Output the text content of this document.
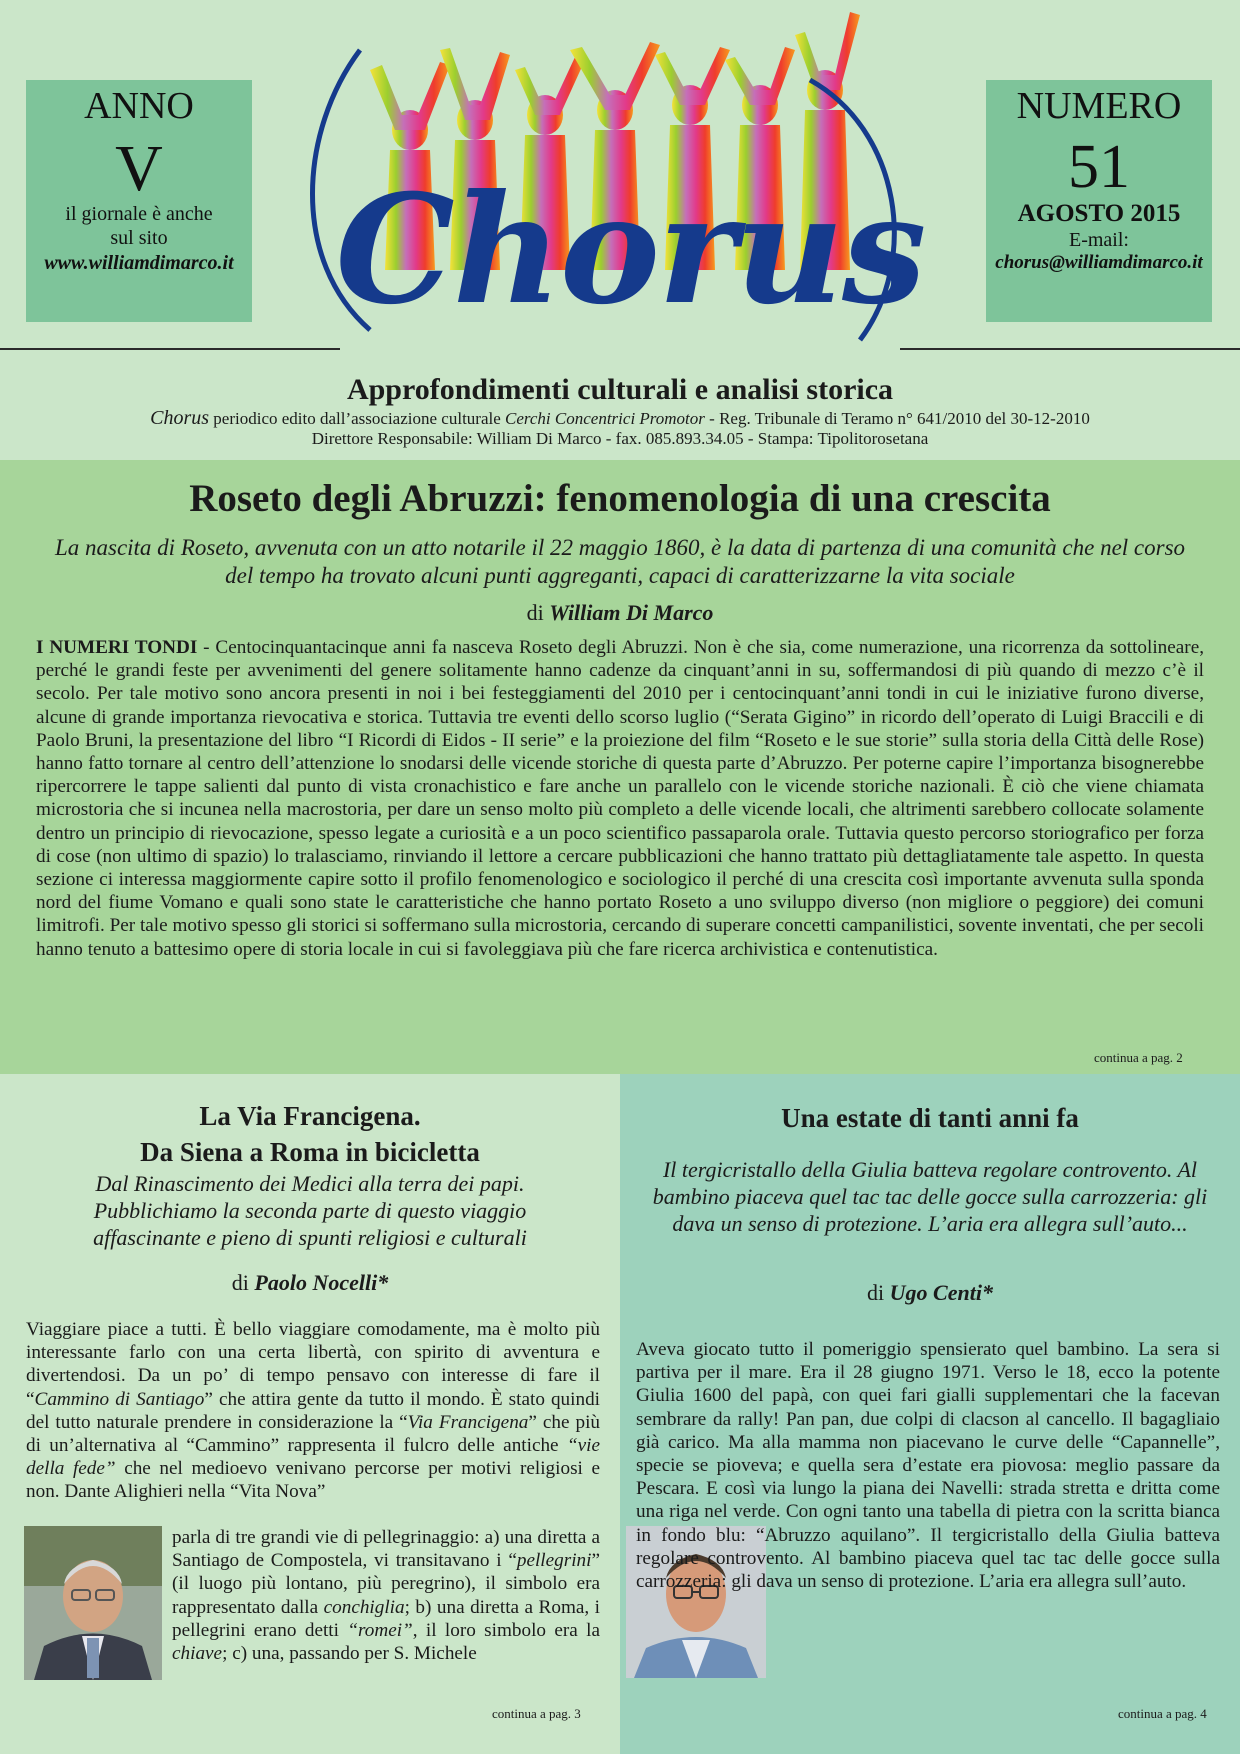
ANNO
V
il giornale è anche
sul sito
www.williamdimarco.it Chorus
NUMERO
51
AGOSTO 2015
E-mail:
chorus@williamdimarco.it
Approfondimenti culturali e analisi storica
Chorus periodico edito dall’associazione culturale Cerchi Concentrici Promotor - Reg. Tribunale di Teramo n° 641/2010 del 30-12-2010
Direttore Responsabile: William Di Marco - fax. 085.893.34.05 - Stampa: Tipolitorosetana
Roseto degli Abruzzi: fenomenologia di una crescita
La nascita di Roseto, avvenuta con un atto notarile il 22 maggio 1860, è la data di partenza di una comunità che nel corso del tempo ha trovato alcuni punti aggreganti, capaci di caratterizzarne la vita sociale
di William Di Marco
I NUMERI TONDI - Centocinquantacinque anni fa nasceva Roseto degli Abruzzi. Non è che sia, come numerazione, una ricorrenza da sottolineare, perché le grandi feste per avvenimenti del genere solitamente hanno cadenze da cinquant’anni in su, soffermandosi di più quando di mezzo c’è il secolo. Per tale motivo sono ancora presenti in noi i bei festeggiamenti del 2010 per i centocinquant’anni tondi in cui le iniziative furono diverse, alcune di grande importanza rievocativa e storica. Tuttavia tre eventi dello scorso luglio (“Serata Gigino” in ricordo dell’operato di Luigi Braccili e di Paolo Bruni, la presentazione del libro “I Ricordi di Eidos - II serie” e la proiezione del film “Roseto e le sue storie” sulla storia della Città delle Rose) hanno fatto tornare al centro dell’attenzione lo snodarsi delle vicende storiche di questa parte d’Abruzzo. Per poterne capire l’importanza bisognerebbe ripercorrere le tappe salienti dal punto di vista cronachistico e fare anche un parallelo con le vicende storiche nazionali. È ciò che viene chiamata microstoria che si incunea nella macrostoria, per dare un senso molto più completo a delle vicende locali, che altrimenti sarebbero collocate solamente dentro un principio di rievocazione, spesso legate a curiosità e a un poco scientifico passaparola orale. Tuttavia questo percorso storiografico per forza di cose (non ultimo di spazio) lo tralasciamo, rinviando il lettore a cercare pubblicazioni che hanno trattato più dettagliatamente tale aspetto. In questa sezione ci interessa maggiormente capire sotto il profilo fenomenologico e sociologico il perché di una crescita così importante avvenuta sulla sponda nord del fiume Vomano e quali sono state le caratteristiche che hanno portato Roseto a uno sviluppo diverso (non migliore o peggiore) dei comuni limitrofi. Per tale motivo spesso gli storici si soffermano sulla microstoria, cercando di superare concetti campanilistici, sovente inventati, che per secoli hanno tenuto a battesimo opere di storia locale in cui si favoleggiava più che fare ricerca archivistica e contenutistica.
continua a pag. 2
La Via Francigena.
Da Siena a Roma in bicicletta
Dal Rinascimento dei Medici alla terra dei papi. Pubblichiamo la seconda parte di questo viaggio affascinante e pieno di spunti religiosi e culturali
di Paolo Nocelli*
Viaggiare piace a tutti. È bello viaggiare comodamente, ma è molto più interessante farlo con una certa libertà, con spirito di avventura e divertendosi. Da un po’ di tempo pensavo con interesse di fare il “Cammino di Santiago” che attira gente da tutto il mondo. È stato quindi del tutto naturale prendere in considerazione la “Via Francigena” che più di un’alternativa al “Cammino” rappresenta il fulcro delle antiche “vie della fede” che nel medioevo venivano percorse per motivi religiosi e non. Dante Alighieri nella “Vita Nova”
parla di tre grandi vie di pellegrinaggio: a) una diretta a Santiago de Compostela, vi transitavano i “pellegrini” (il luogo più lontano, più peregrino), il simbolo era rappresentato dalla conchiglia; b) una diretta a Roma, i pellegrini erano detti “romei”, il loro simbolo era la chiave; c) una, passando per S. Michele
continua a pag. 3
Una estate di tanti anni fa
Il tergicristallo della Giulia batteva regolare controvento. Al bambino piaceva quel tac tac delle gocce sulla carrozzeria: gli dava un senso di protezione. L’aria era allegra sull’auto...
di Ugo Centi*
Aveva giocato tutto il pomeriggio spensierato quel bambino. La sera si partiva per il mare. Era il 28 giugno 1971. Verso le 18, ecco la potente Giulia 1600 del papà, con quei fari gialli supplementari che la facevan sembrare da rally! Pan pan, due colpi di clacson al cancello. Il bagagliaio già carico. Ma alla mamma non piacevano le curve delle “Capannelle”, specie se pioveva; e quella sera d’estate era piovosa: meglio passare da Pescara. E così via lungo la piana dei Navelli: strada stretta e dritta come una riga nel verde. Con ogni tanto una tabella di pietra con la scritta bianca in fondo blu: “Abruzzo aquilano”. Il tergicristallo della Giulia batteva regolare controvento. Al bambino piaceva quel tac tac delle gocce sulla carrozzeria: gli dava un senso di protezione. L’aria era allegra sull’auto.
continua a pag. 4
